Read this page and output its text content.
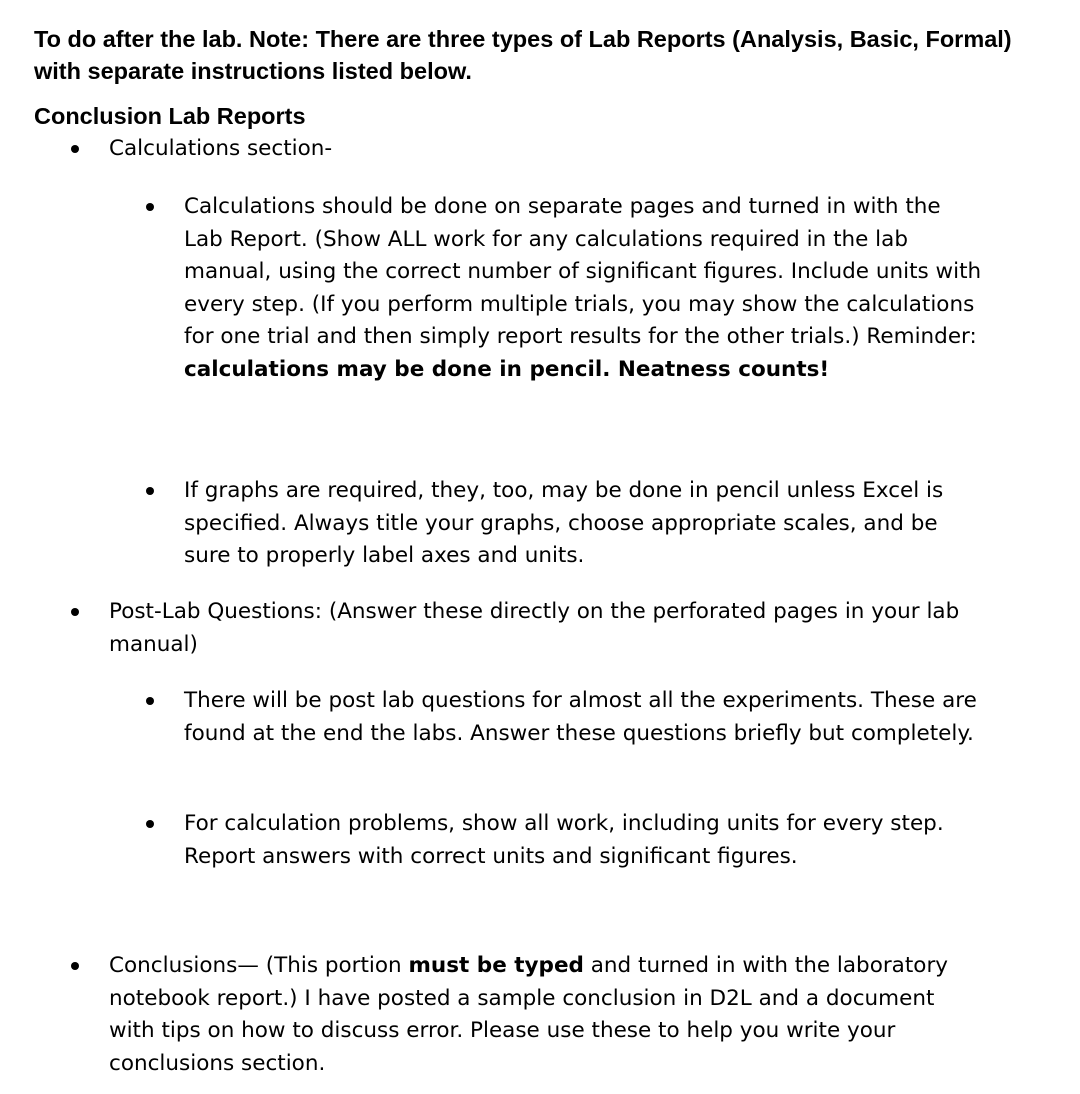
To do after the lab. Note: There are three types of Lab Reports (Analysis, Basic, Formal) with separate instructions listed below.

Conclusion Lab Reports

Calculations section-

Calculations should be done on separate pages and turned in with the Lab Report. (Show ALL work for any calculations required in the lab manual, using the correct number of significant figures. Include units with every step. (If you perform multiple trials, you may show the calculations for one trial and then simply report results for the other trials.) Reminder: calculations may be done in pencil. Neatness counts!

If graphs are required, they, too, may be done in pencil unless Excel is specified. Always title your graphs, choose appropriate scales, and be sure to properly label axes and units.

Post-Lab Questions: (Answer these directly on the perforated pages in your lab manual)

There will be post lab questions for almost all the experiments. These are found at the end the labs. Answer these questions briefly but completely.

For calculation problems, show all work, including units for every step. Report answers with correct units and significant figures.

Conclusions— (This portion must be typed and turned in with the laboratory notebook report.) I have posted a sample conclusion in D2L and a document with tips on how to discuss error. Please use these to help you write your conclusions section.
